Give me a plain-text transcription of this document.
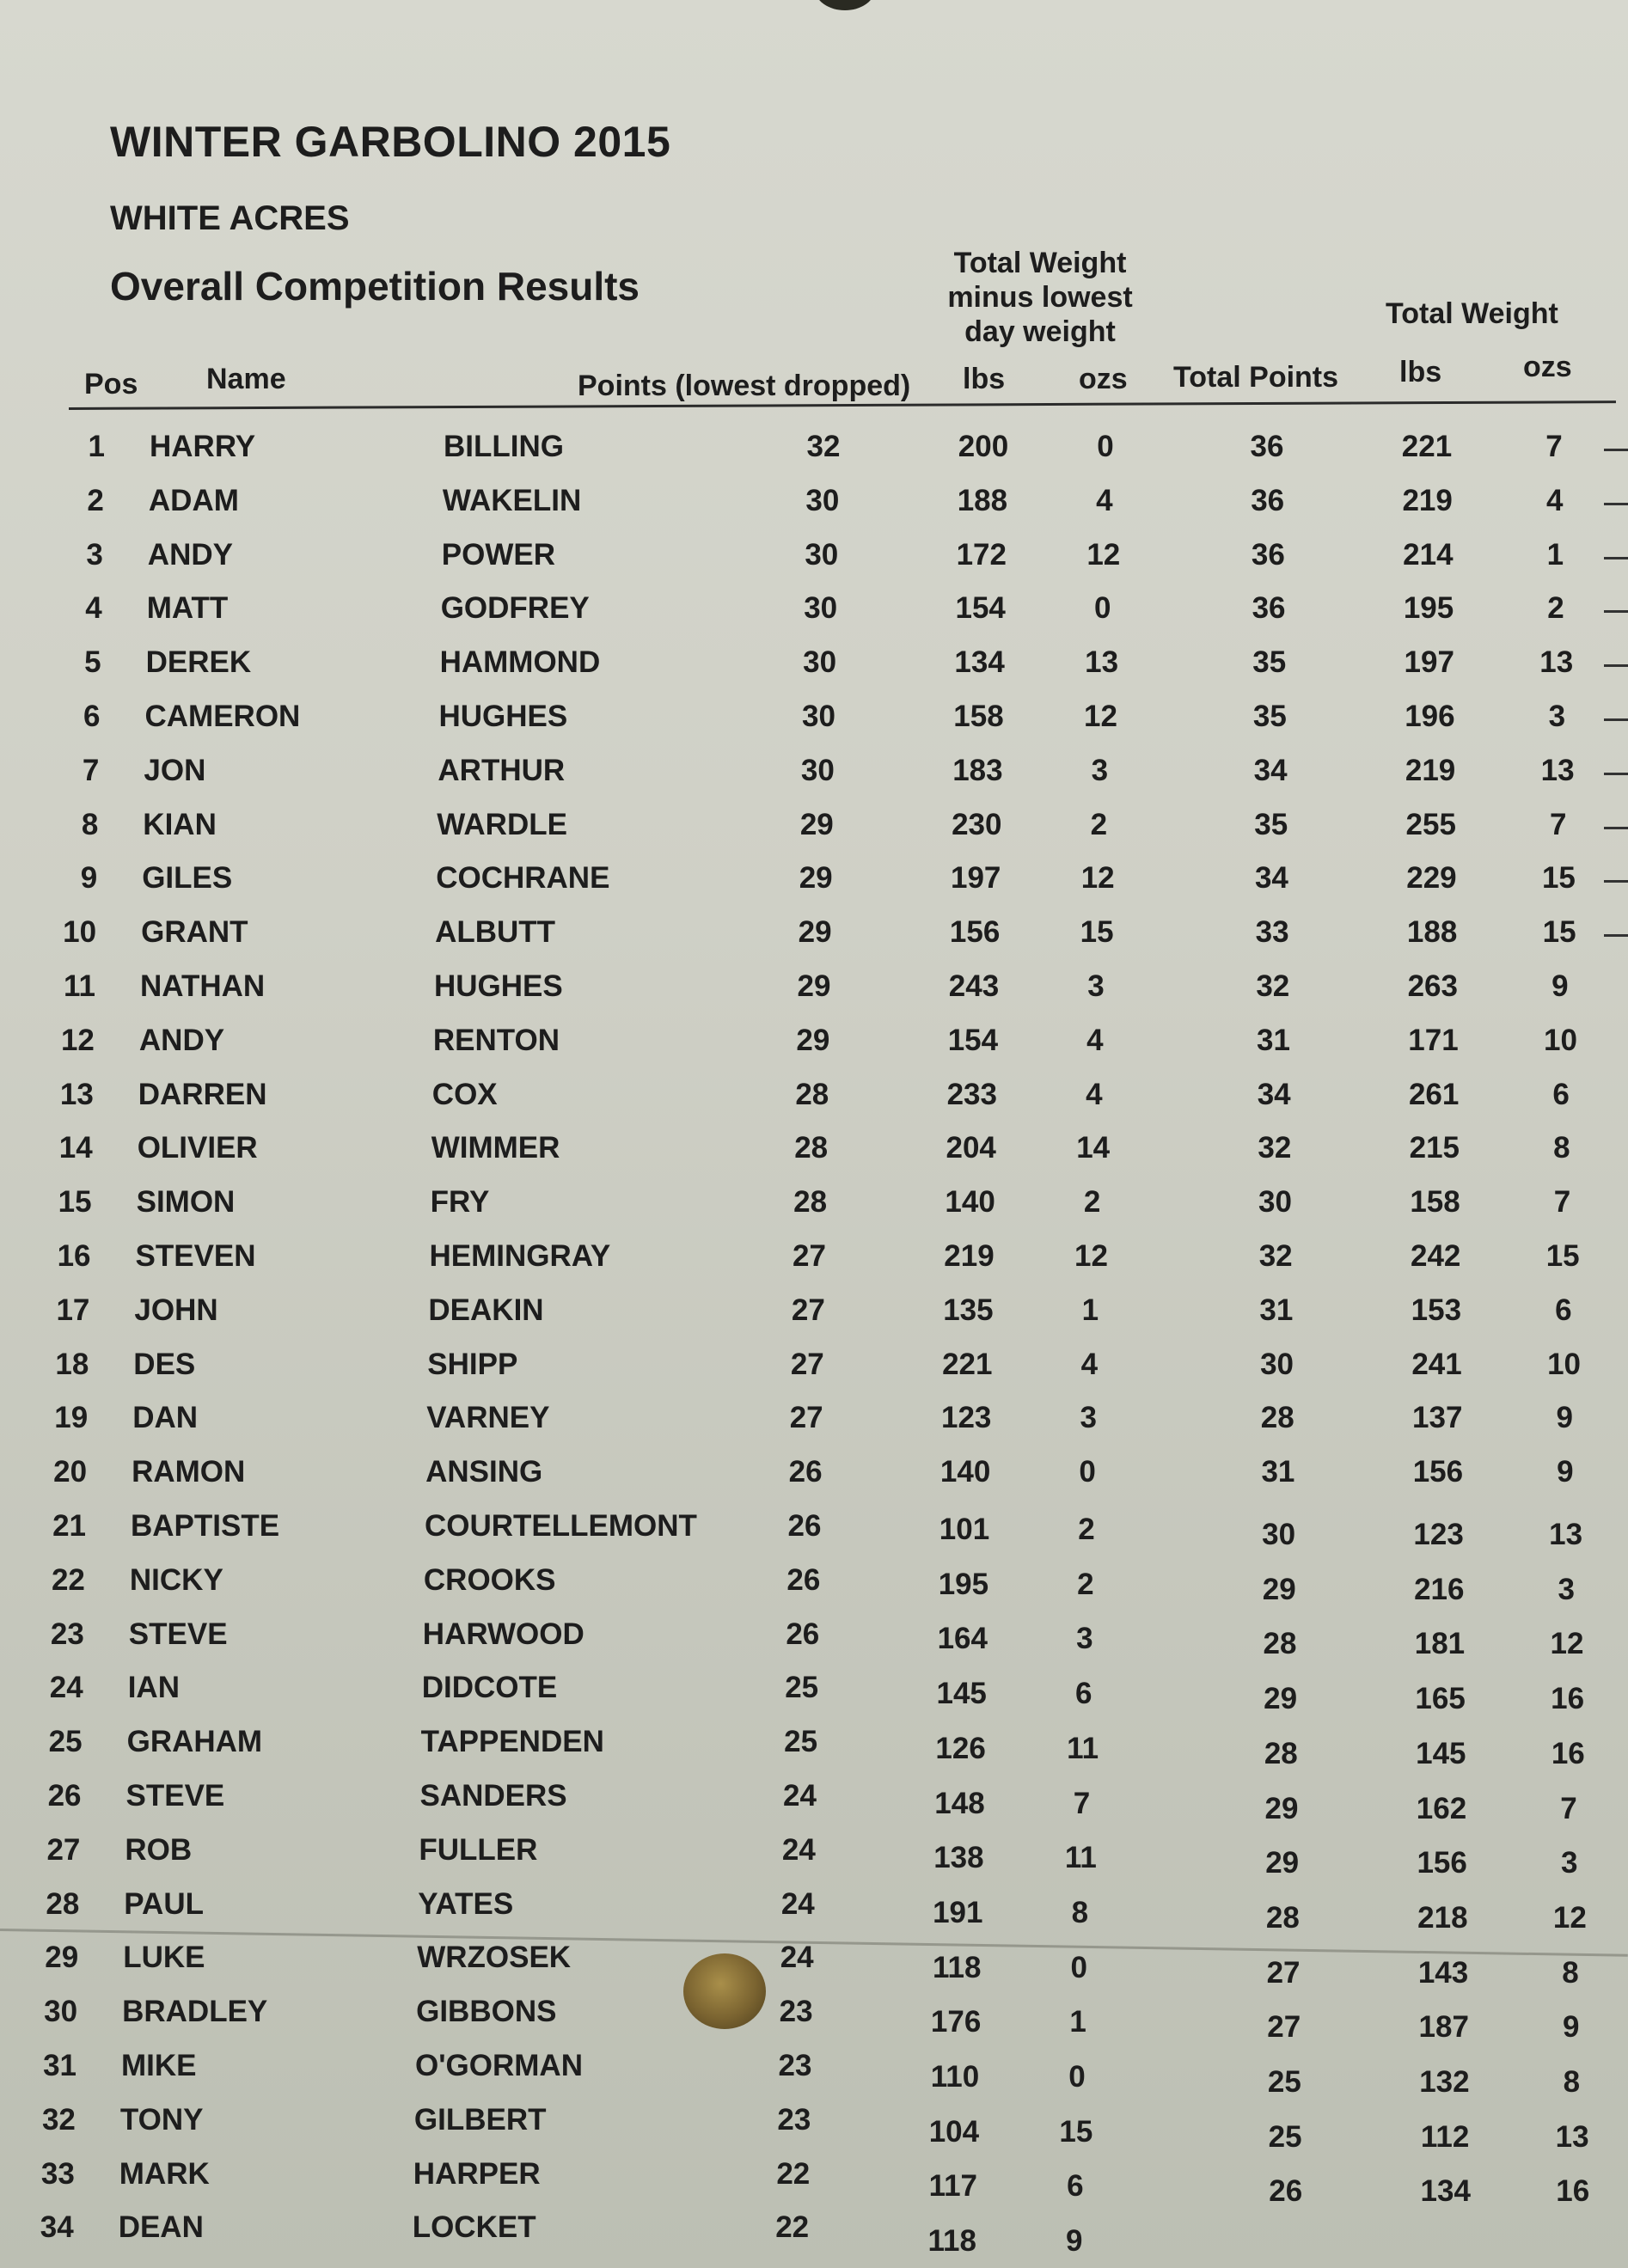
WINTER GARBOLINO 2015
WHITE ACRES
Overall Competition Results
Total Weight minus lowest day weight
Total Weight
Pos Name	Points (lowest dropped) lbs	ozs Total Points lbs	ozs
1 HARRY	BILLING	32	200	0	36	221	7
2 ADAM	WAKELIN	30	188	4	36	219	4
3 ANDY	POWER	30	172	12	36	214	1
4 MATT	GODFREY	30	154	0	36	195	2
5 DEREK	HAMMOND	30	134	13	35	197	13
6 CAMERON	HUGHES	30	158	12	35	196	3
7 JON	ARTHUR	30	183	3	34	219	13
8 KIAN	WARDLE	29	230	2	35	255	7
9 GILES	COCHRANE	29	197	12	34	229	15
10 GRANT	ALBUTT	29	156	15	33	188	15
11 NATHAN	HUGHES	29	243	3	32	263	9
12 ANDY	RENTON	29	154	4	31	171	10
13 DARREN	COX	28	233	4	34	261	6
14 OLIVIER	WIMMER	28	204	14	32	215	8
15 SIMON	FRY	28	140	2	30	158	7
16 STEVEN	HEMINGRAY	27	219	12	32	242	15
17 JOHN	DEAKIN	27	135	1	31	153	6
18 DES	SHIPP	27	221	4	30	241	10
19 DAN	VARNEY	27	123	3	28	137	9
20 RAMON	ANSING	26	140	0	31	156	9
21 BAPTISTE	COURTELLEMONT	26	101	2	30	123	13
22 NICKY	CROOKS	26	195	2	29	216	3
23 STEVE	HARWOOD	26	164	3	28	181	12
24 IAN	DIDCOTE	25	145	6	29	165	16
25 GRAHAM	TAPPENDEN	25	126	11	28	145	16
26 STEVE	SANDERS	24	148	7	29	162	7
27 ROB	FULLER	24	138	11	29	156	3
28 PAUL	YATES	24	191	8	28	218	12
29 LUKE	WRZOSEK	24	118	0	27	143	8
30 BRADLEY	GIBBONS	23	176	1	27	187	9
31 MIKE	O'GORMAN	23	110	0	25	132	8
32 TONY	GILBERT	23	104	15	25	112	13
33 MARK	HARPER	22	117	6	26	134	16
34 DEAN	LOCKET	22	118	9
